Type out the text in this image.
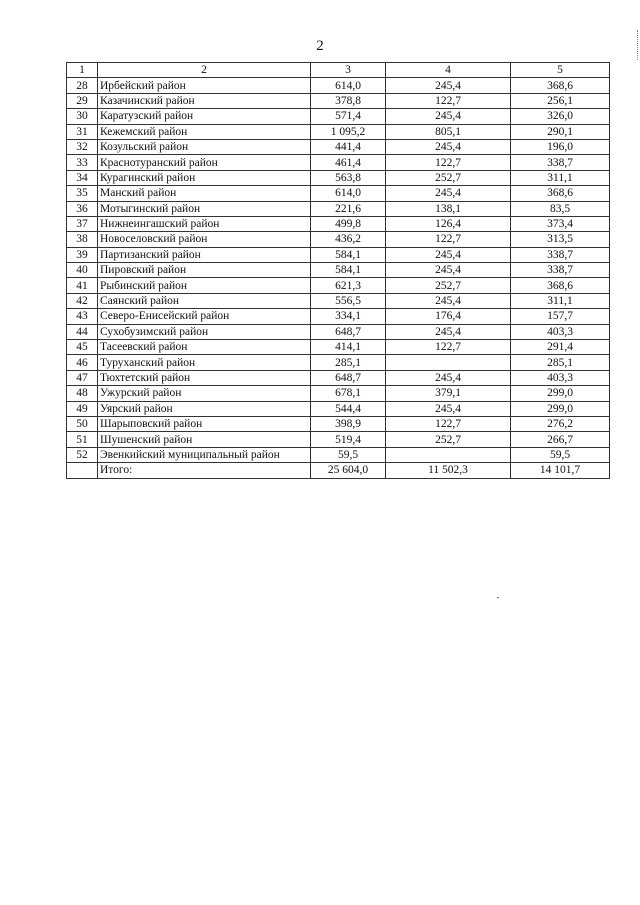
2
1	2	3	4	5
28	Ирбейский район	614,0	245,4	368,6
29	Казачинский район	378,8	122,7	256,1
30	Каратузский район	571,4	245,4	326,0
31	Кежемский район	1 095,2	805,1	290,1
32	Козульский район	441,4	245,4	196,0
33	Краснотуранский район	461,4	122,7	338,7
34	Курагинский район	563,8	252,7	311,1
35	Манский район	614,0	245,4	368,6
36	Мотыгинский район	221,6	138,1	83,5
37	Нижнеингашский район	499,8	126,4	373,4
38	Новоселовский район	436,2	122,7	313,5
39	Партизанский район	584,1	245,4	338,7
40	Пировский район	584,1	245,4	338,7
41	Рыбинский район	621,3	252,7	368,6
42	Саянский район	556,5	245,4	311,1
43	Северо-Енисейский район	334,1	176,4	157,7
44	Сухобузимский район	648,7	245,4	403,3
45	Тасеевский район	414,1	122,7	291,4
46	Туруханский район	285,1		285,1
47	Тюхтетский район	648,7	245,4	403,3
48	Ужурский район	678,1	379,1	299,0
49	Уярский район	544,4	245,4	299,0
50	Шарыповский район	398,9	122,7	276,2
51	Шушенский район	519,4	252,7	266,7
52	Эвенкийский муниципальный район	59,5		59,5
	Итого:	25 604,0	11 502,3	14 101,7
